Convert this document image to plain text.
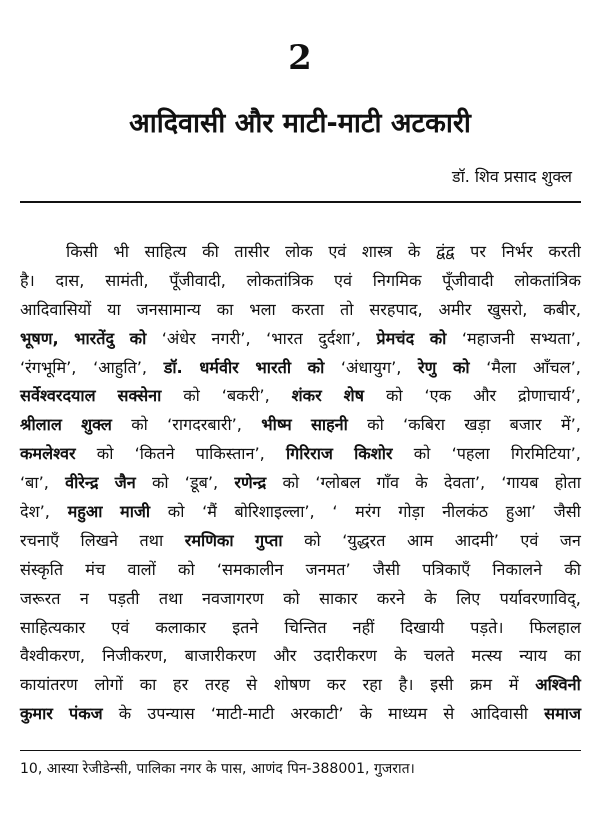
2
आदिवासी और माटी-माटी अटकारी
डॉ. शिव प्रसाद शुक्ल
किसी भी साहित्य की तासीर लोक एवं शास्त्र के द्वंद्व पर निर्भर करती
है। दास, सामंती, पूँजीवादी, लोकतांत्रिक एवं निगमिक पूँजीवादी लोकतांत्रिक
आदिवासियों या जनसामान्य का भला करता तो सरहपाद, अमीर खुसरो, कबीर,
भूषण, भारतेंदु को ‘अंधेर नगरी’, ‘भारत दुर्दशा’, प्रेमचंद को ‘महाजनी सभ्यता’,
‘रंगभूमि’, ‘आहुति’, डॉ. धर्मवीर भारती को ‘अंधायुग’, रेणु को ‘मैला आँचल’,
सर्वेश्वरदयाल सक्सेना को ‘बकरी’, शंकर शेष को ‘एक और द्रोणाचार्य’,
श्रीलाल शुक्ल को ‘रागदरबारी’, भीष्म साहनी को ‘कबिरा खड़ा बजार में’,
कमलेश्वर को ‘कितने पाकिस्तान’, गिरिराज किशोर को ‘पहला गिरमिटिया’,
‘बा’, वीरेन्द्र जैन को ‘डूब’, रणेन्द्र को ‘ग्लोबल गाँव के देवता’, ‘गायब होता
देश’, महुआ माजी को ‘मैं बोरिशाइल्ला’, ‘ मरंग गोड़ा नीलकंठ हुआ’ जैसी
रचनाएँ लिखने तथा रमणिका गुप्ता को ‘युद्धरत आम आदमी’ एवं जन
संस्कृति मंच वालों को ‘समकालीन जनमत’ जैसी पत्रिकाएँ निकालने की
जरूरत न पड़ती तथा नवजागरण को साकार करने के लिए पर्यावरणाविद्,
साहित्यकार एवं कलाकार इतने चिन्तित नहीं दिखायी पड़ते। फिलहाल
वैश्वीकरण, निजीकरण, बाजारीकरण और उदारीकरण के चलते मत्स्य न्याय का
कायांतरण लोगों का हर तरह से शोषण कर रहा है। इसी क्रम में अश्विनी
कुमार पंकज के उपन्यास ‘माटी-माटी अरकाटी’ के माध्यम से आदिवासी समाज
10, आस्या रेजीडेन्सी, पालिका नगर के पास, आणंद पिन-388001, गुजरात।
